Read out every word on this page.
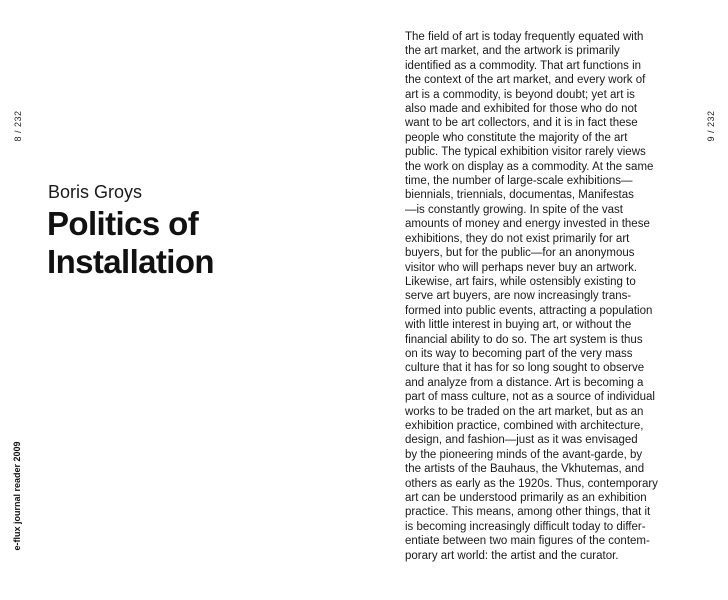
8 / 232	9 / 232
e-flux journal reader 2009
Boris Groys
Politics of
Installation
The field of art is today frequently equated with
the art market, and the artwork is primarily
identified as a commodity. That art functions in
the context of the art market, and every work of
art is a commodity, is beyond doubt; yet art is
also made and exhibited for those who do not
want to be art collectors, and it is in fact these
people who constitute the majority of the art
public. The typical exhibition visitor rarely views
the work on display as a commodity. At the same
time, the number of large-scale exhibitions—
biennials, triennials, documentas, Manifestas
—is constantly growing. In spite of the vast
amounts of money and energy invested in these
exhibitions, they do not exist primarily for art
buyers, but for the public—for an anonymous
visitor who will perhaps never buy an artwork.
Likewise, art fairs, while ostensibly existing to
serve art buyers, are now increasingly trans-
formed into public events, attracting a population
with little interest in buying art, or without the
financial ability to do so. The art system is thus
on its way to becoming part of the very mass
culture that it has for so long sought to observe
and analyze from a distance. Art is becoming a
part of mass culture, not as a source of individual
works to be traded on the art market, but as an
exhibition practice, combined with architecture,
design, and fashion—just as it was envisaged
by the pioneering minds of the avant-garde, by
the artists of the Bauhaus, the Vkhutemas, and
others as early as the 1920s. Thus, contemporary
art can be understood primarily as an exhibition
practice. This means, among other things, that it
is becoming increasingly difficult today to differ-
entiate between two main figures of the contem-
porary art world: the artist and the curator.
